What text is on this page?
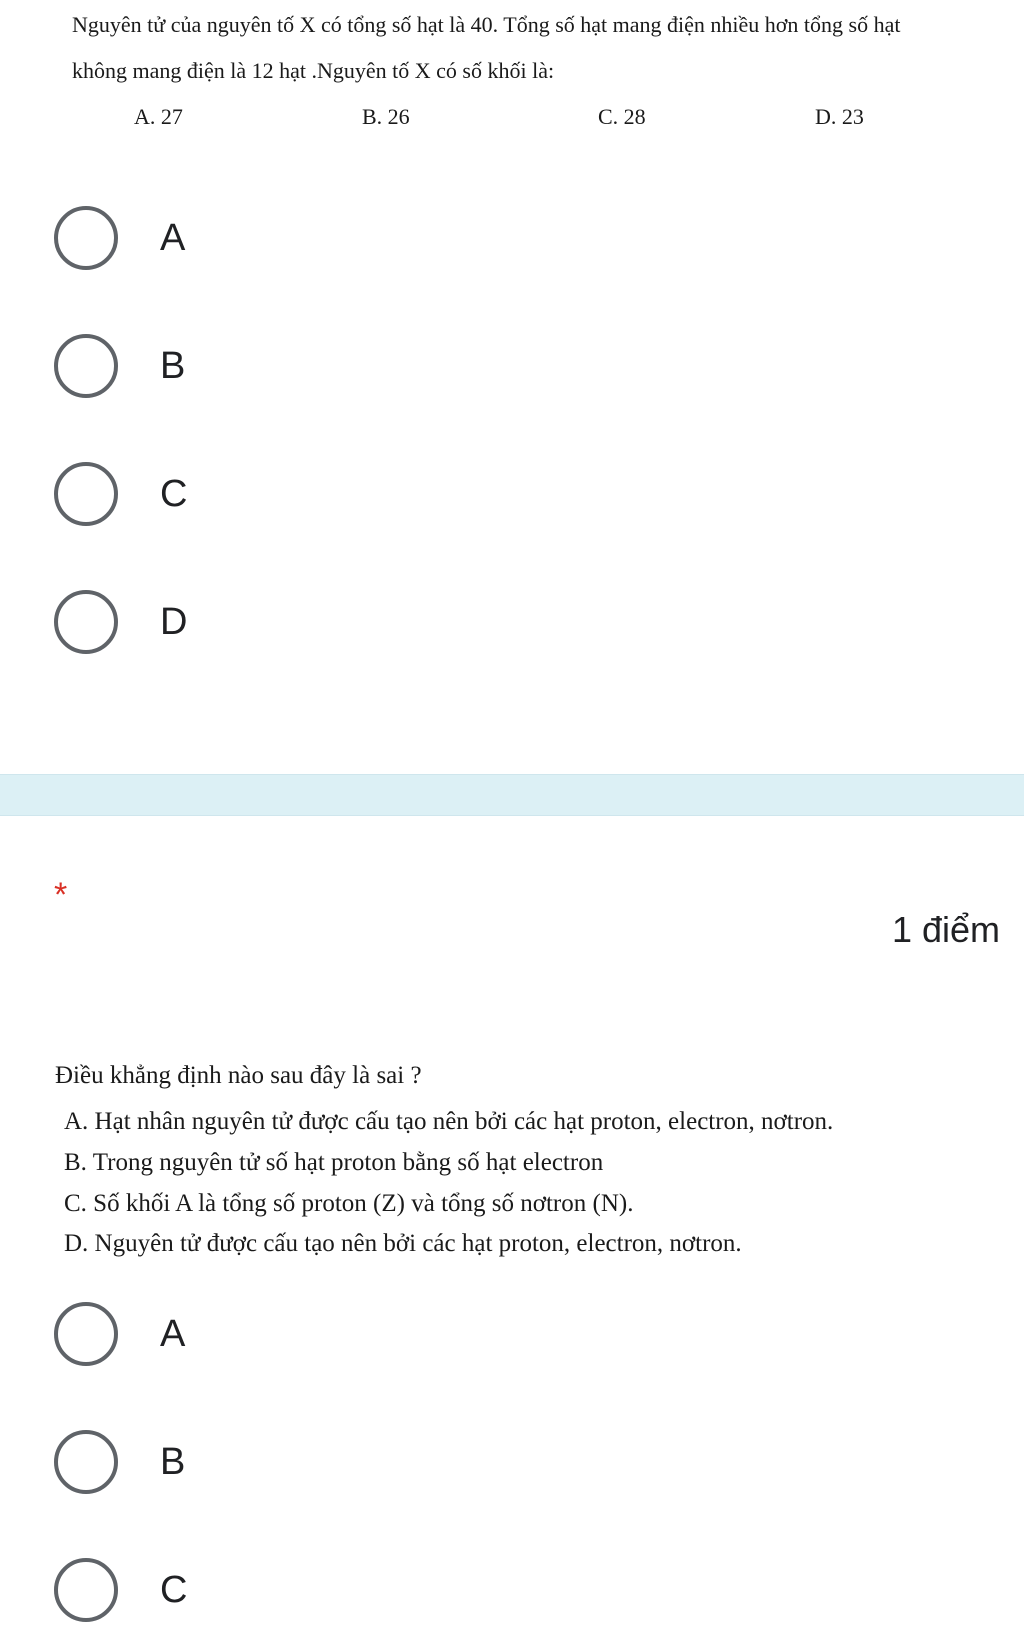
Nguyên tử của nguyên tố X có tổng số hạt là 40. Tổng số hạt mang điện nhiều hơn tổng số hạt
không mang điện là 12 hạt .Nguyên tố X có số khối là:
A. 27	B. 26	C. 28	D. 23
A
B
C
D
*
1 điểm
Điều khẳng định nào sau đây là sai ?
A. Hạt nhân nguyên tử được cấu tạo nên bởi các hạt proton, electron, nơtron.
B. Trong nguyên tử số hạt proton bằng số hạt electron
C. Số khối A là tổng số proton (Z) và tổng số nơtron (N).
D. Nguyên tử được cấu tạo nên bởi các hạt proton, electron, nơtron.
A
B
C
